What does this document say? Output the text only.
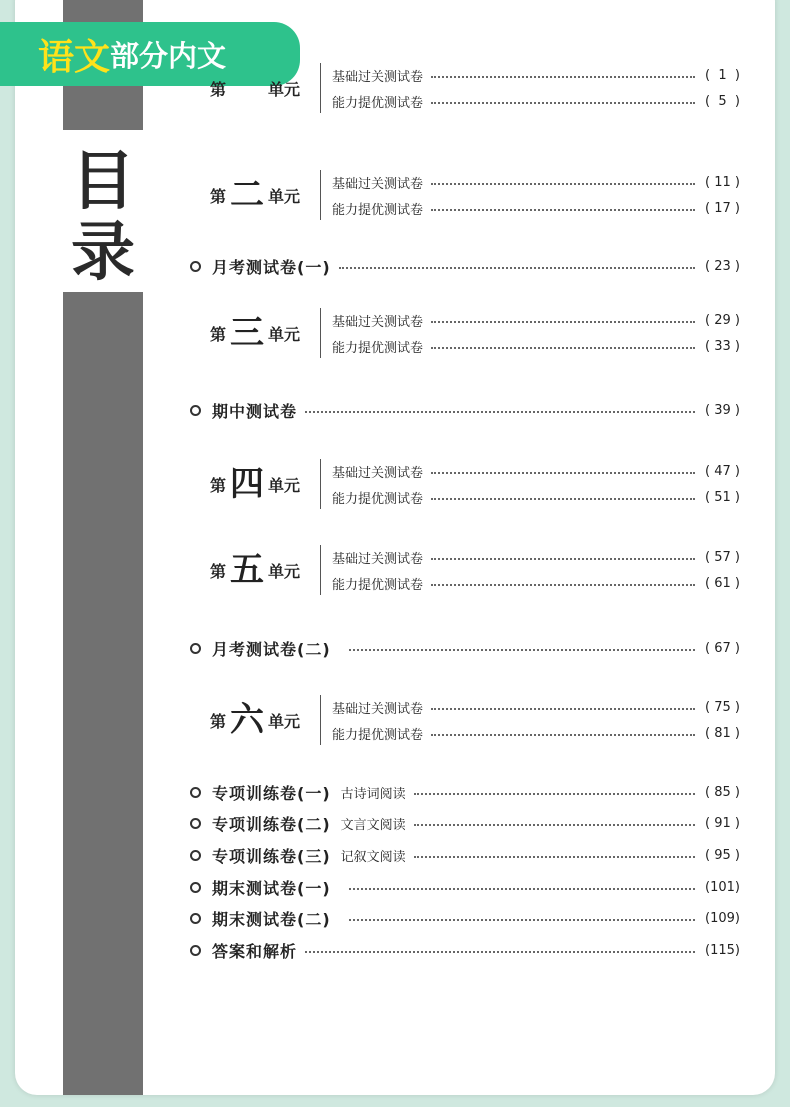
目
录
语文 部分内文
第	单元
基础过关测试卷	(  1  )
能力提优测试卷	(  5  )
第 二 单元
基础过关测试卷	( 11 )
能力提优测试卷	( 17 )
第 三 单元
基础过关测试卷	( 29 )
能力提优测试卷	( 33 )
第 四 单元
基础过关测试卷	( 47 )
能力提优测试卷	( 51 )
第 五 单元
基础过关测试卷	( 57 )
能力提优测试卷	( 61 )
第 六 单元
基础过关测试卷	( 75 )
能力提优测试卷	( 81 )
月考测试卷(一)	( 23 )
期中测试卷	( 39 )
月考测试卷(二)	( 67 )
专项训练卷(一) 古诗词阅读	( 85 )
专项训练卷(二) 文言文阅读	( 91 )
专项训练卷(三) 记叙文阅读	( 95 )
期末测试卷(一)	(101)
期末测试卷(二)	(109)
答案和解析	(115)
